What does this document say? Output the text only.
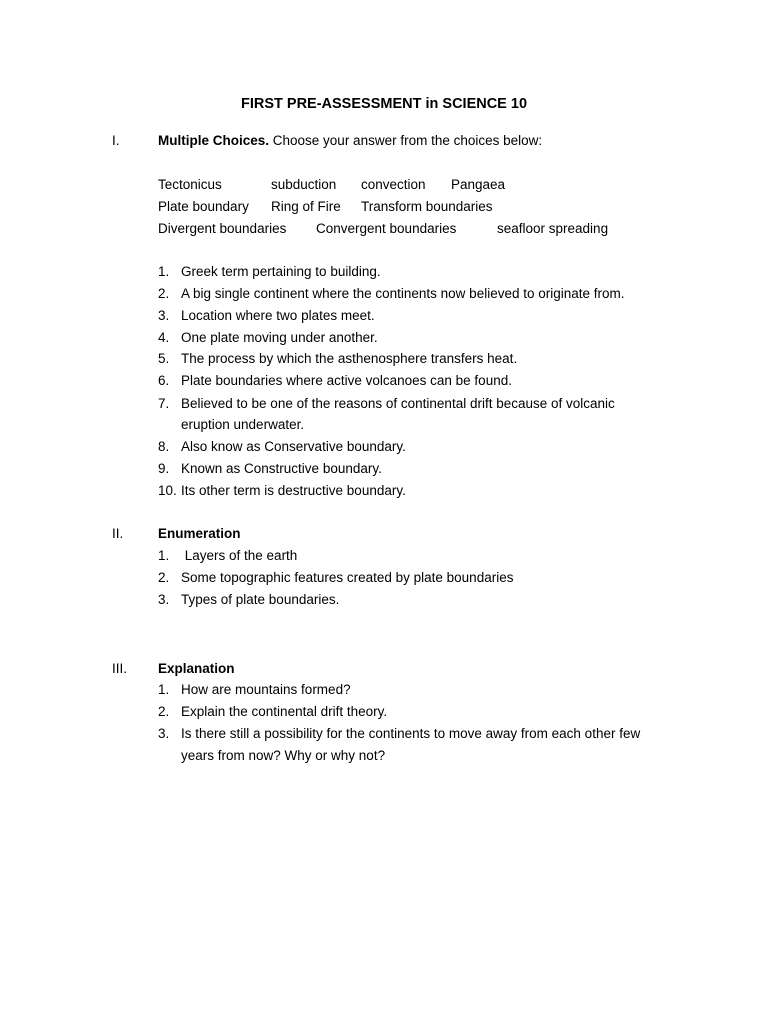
FIRST PRE-ASSESSMENT in SCIENCE 10
I.	Multiple Choices. Choose your answer from the choices below:
Tectonicus	subduction convection Pangaea
Plate boundary Ring of Fire Transform boundaries
Divergent boundaries Convergent boundaries	seafloor spreading
1. Greek term pertaining to building.
2. A big single continent where the continents now believed to originate from.
3. Location where two plates meet.
4. One plate moving under another.
5. The process by which the asthenosphere transfers heat.
6. Plate boundaries where active volcanoes can be found.
7. Believed to be one of the reasons of continental drift because of volcanic
eruption underwater.
8. Also know as Conservative boundary.
9. Known as Constructive boundary.
10. Its other term is destructive boundary.
II.	Enumeration
1. Layers of the earth
2. Some topographic features created by plate boundaries
3. Types of plate boundaries.
III. Explanation
1. How are mountains formed?
2. Explain the continental drift theory.
3. Is there still a possibility for the continents to move away from each other few
years from now? Why or why not?
